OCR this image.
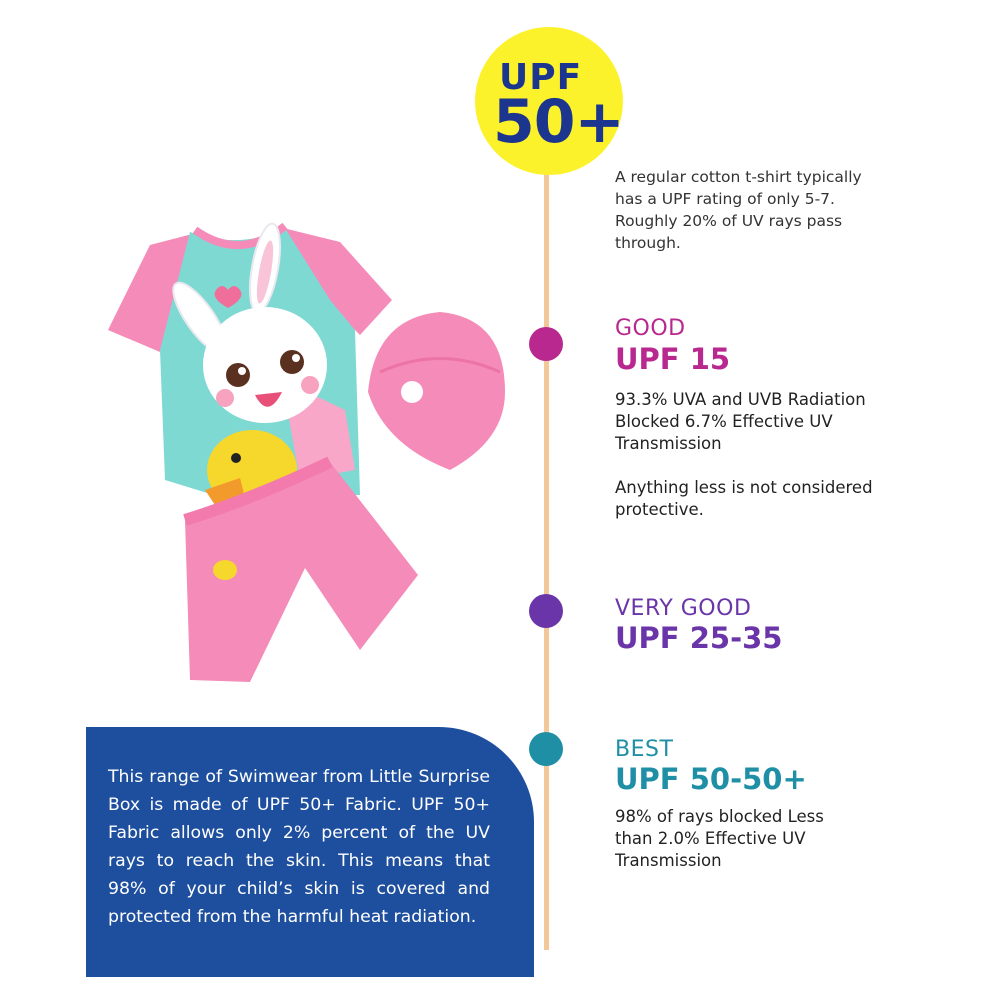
UPF
50+

A regular cotton t-shirt typically has a UPF rating of only 5-7. Roughly 20% of UV rays pass through.

GOOD
UPF 15

93.3% UVA and UVB Radiation Blocked 6.7% Effective UV Transmission

Anything less is not considered protective.

VERY GOOD
UPF 25-35
BEST
UPF 50-50+

98% of rays blocked Less than 2.0% Effective UV Transmission

This range of Swimwear from Little Surprise Box is made of UPF 50+ Fabric. UPF 50+ Fabric allows only 2% percent of the UV rays to reach the skin. This means that 98% of your child’s skin is covered and protected from the harmful heat radiation.
